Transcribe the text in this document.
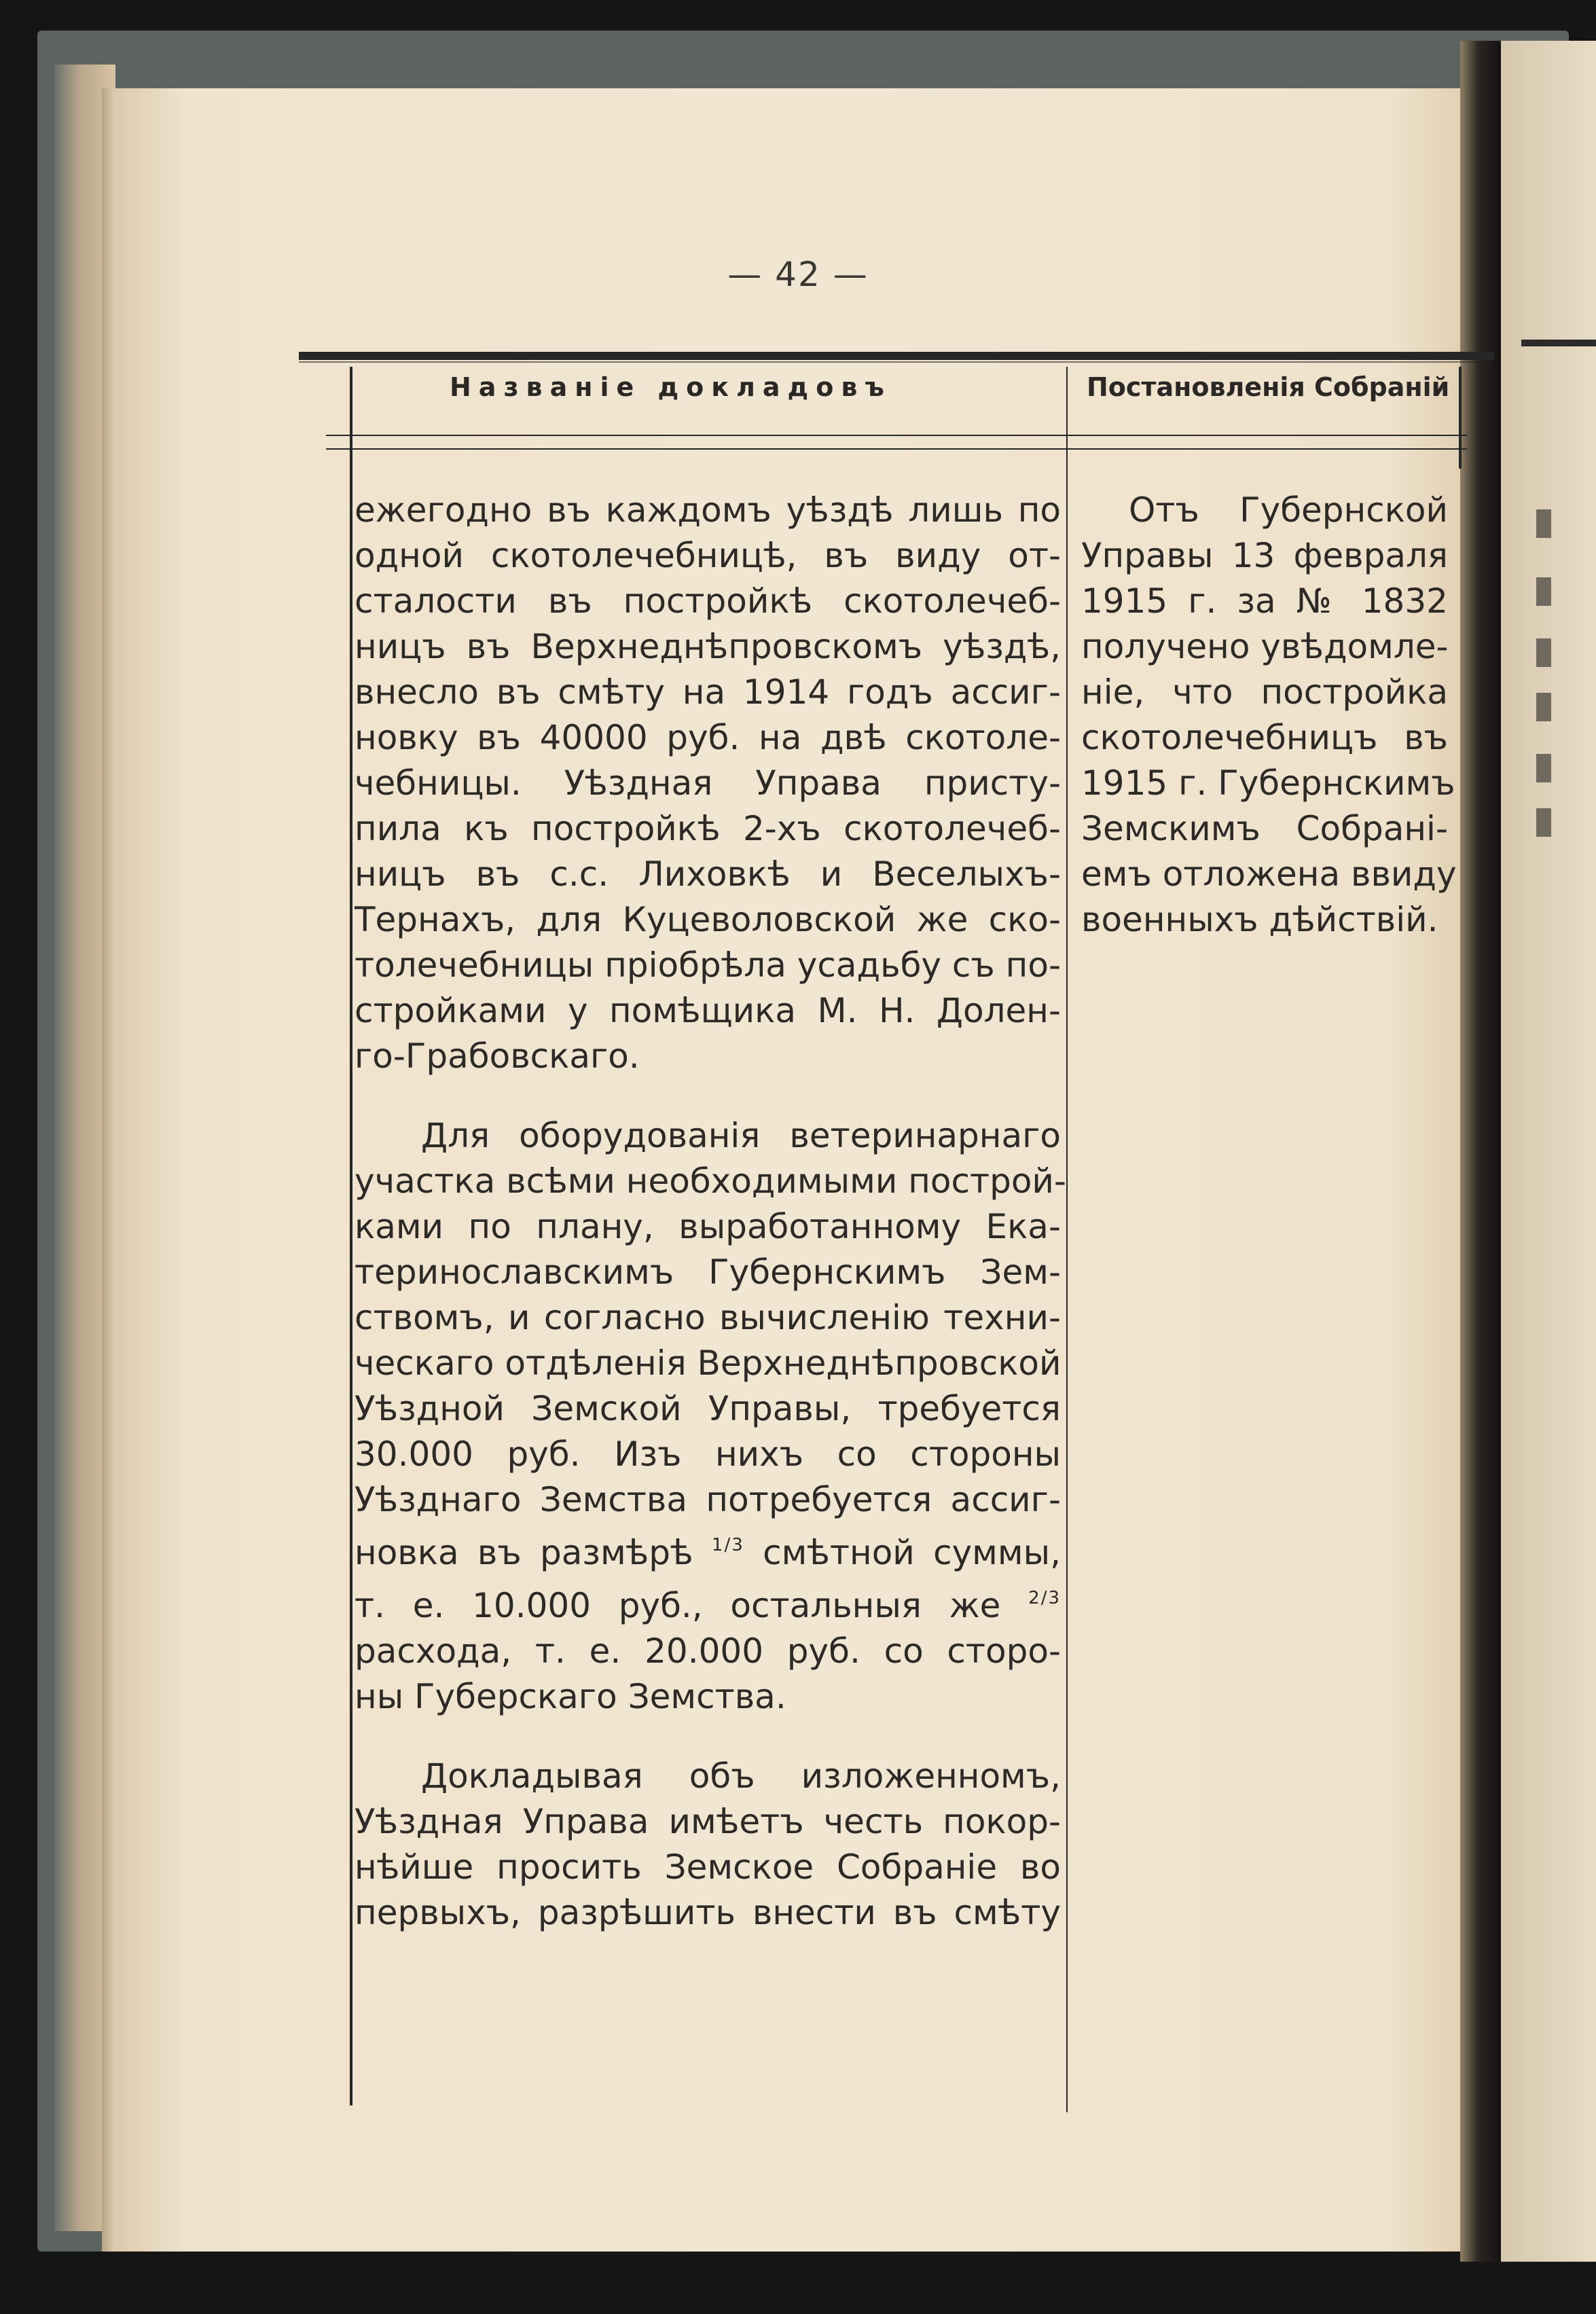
— 42 —
Названіе докладовъ	Постановленія Собраній

ежегодно въ каждомъ уѣздѣ лишь по
одной скотолечебницѣ, въ виду от-
сталости въ постройкѣ скотолечеб-
ницъ въ Верхнеднѣпровскомъ уѣздѣ,
внесло въ смѣту на 1914 годъ ассиг-
новку въ 40000 руб. на двѣ скотоле-
чебницы. Уѣздная Управа присту-
пила къ постройкѣ 2-хъ скотолечеб-
ницъ въ с.с. Лиховкѣ и Веселыхъ-
Тернахъ, для Куцеволовской же ско-
толечебницы пріобрѣла усадьбу съ по-
стройками у помѣщика М. Н. Долен-
го-Грабовскаго.

Для оборудованія ветеринарнаго
участка всѣми необходимыми построй-
ками по плану, выработанному Ека-
теринославскимъ Губернскимъ Зем-
ствомъ, и согласно вычисленію техни-
ческаго отдѣленія Верхнеднѣпровской
Уѣздной Земской Управы, требуется
30.000 руб. Изъ нихъ со стороны
Уѣзднаго Земства потребуется ассиг-
новка въ размѣрѣ $^{1/3}$ смѣтной суммы,
т. е. 10.000 руб., остальныя же $^{2/3}$
расхода, т. е. 20.000 руб. со сторо-
ны Губерскаго Земства.

Докладывая объ изложенномъ,
Уѣздная Управа имѣетъ честь покор-
нѣйше просить Земское Собраніе во
первыхъ, разрѣшить внести въ смѣту

Отъ Губернской
Управы 13 февраля
1915 г. за № 1832
получено увѣдомле-
ніе, что постройка
скотолечебницъ въ
1915 г. Губернскимъ
Земскимъ Собрані-
емъ отложена ввиду
военныхъ дѣйствій.
